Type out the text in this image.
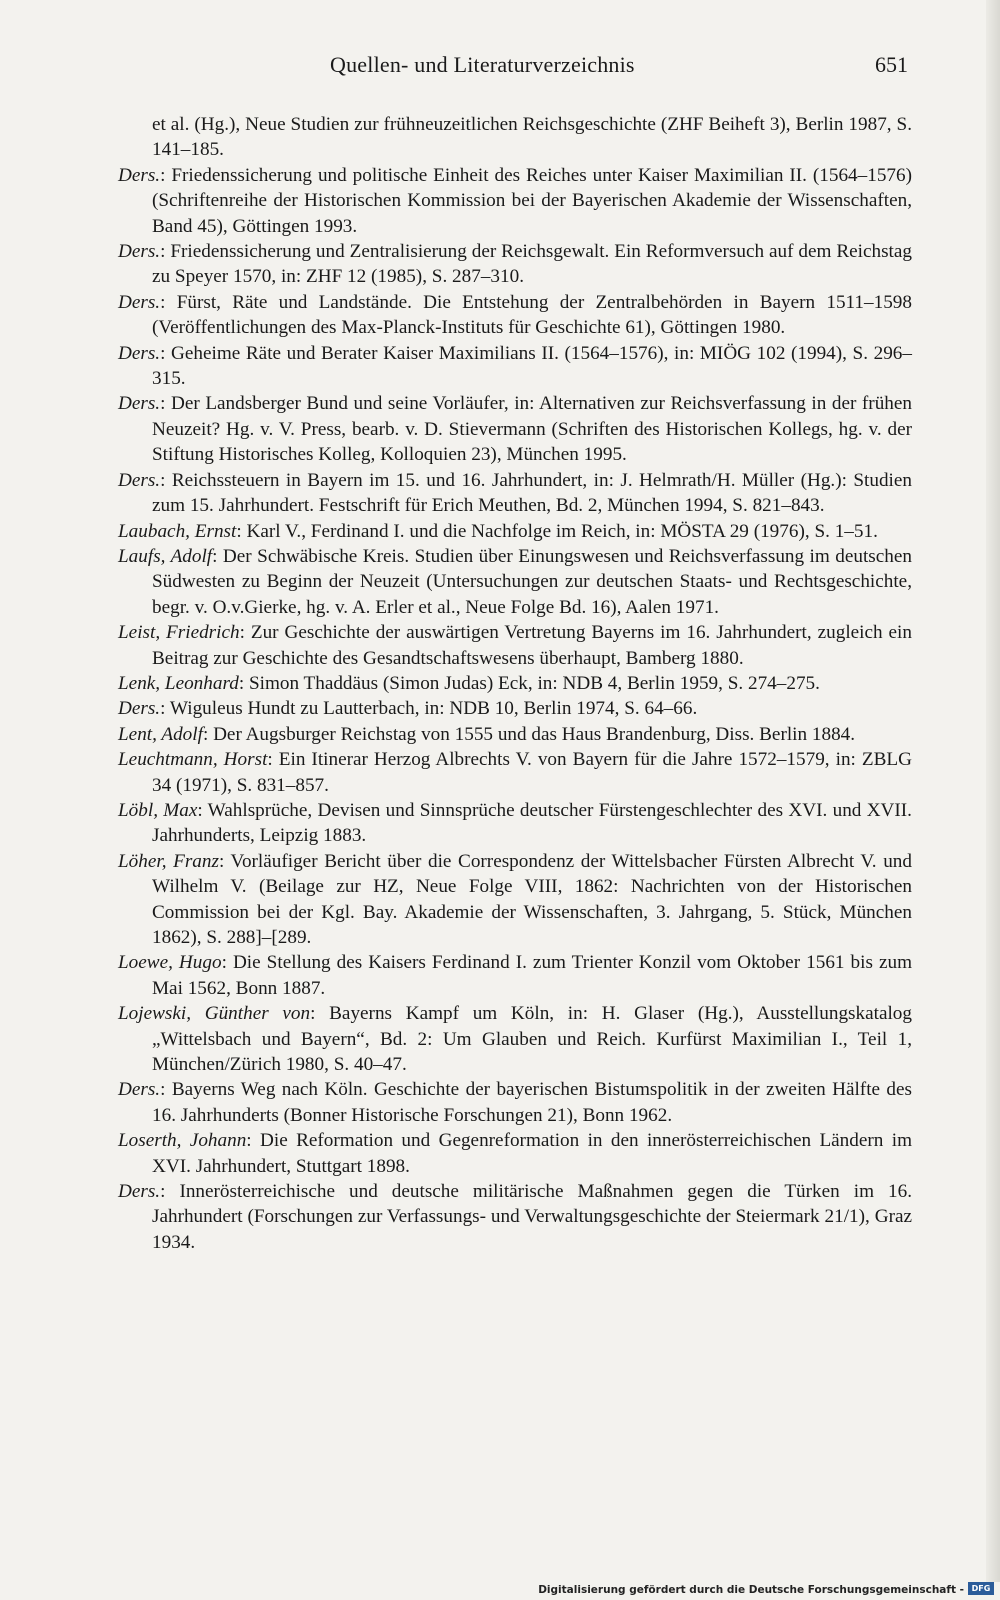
Quellen- und Literaturverzeichnis	651

et al. (Hg.), Neue Studien zur frühneuzeitlichen Reichsgeschichte (ZHF Beiheft 3), Berlin 1987, S. 141–185.

Ders.: Friedenssicherung und politische Einheit des Reiches unter Kaiser Maximilian II. (1564–1576) (Schriftenreihe der Historischen Kommission bei der Bayerischen Akademie der Wissenschaften, Band 45), Göttingen 1993.

Ders.: Friedenssicherung und Zentralisierung der Reichsgewalt. Ein Reformversuch auf dem Reichstag zu Speyer 1570, in: ZHF 12 (1985), S. 287–310.

Ders.: Fürst, Räte und Landstände. Die Entstehung der Zentralbehörden in Bayern 1511–1598 (Veröffentlichungen des Max-Planck-Instituts für Geschichte 61), Göttingen 1980.

Ders.: Geheime Räte und Berater Kaiser Maximilians II. (1564–1576), in: MIÖG 102 (1994), S. 296–315.

Ders.: Der Landsberger Bund und seine Vorläufer, in: Alternativen zur Reichsverfassung in der frühen Neuzeit? Hg. v. V. Press, bearb. v. D. Stievermann (Schriften des Historischen Kollegs, hg. v. der Stiftung Historisches Kolleg, Kolloquien 23), München 1995.

Ders.: Reichssteuern in Bayern im 15. und 16. Jahrhundert, in: J. Helmrath/H. Müller (Hg.): Studien zum 15. Jahrhundert. Festschrift für Erich Meuthen, Bd. 2, München 1994, S. 821–843.

Laubach, Ernst: Karl V., Ferdinand I. und die Nachfolge im Reich, in: MÖSTA 29 (1976), S. 1–51.

Laufs, Adolf: Der Schwäbische Kreis. Studien über Einungswesen und Reichsverfassung im deutschen Südwesten zu Beginn der Neuzeit (Untersuchungen zur deutschen Staats- und Rechtsgeschichte, begr. v. O.v.Gierke, hg. v. A. Erler et al., Neue Folge Bd. 16), Aalen 1971.

Leist, Friedrich: Zur Geschichte der auswärtigen Vertretung Bayerns im 16. Jahrhundert, zugleich ein Beitrag zur Geschichte des Gesandtschaftswesens überhaupt, Bamberg 1880.

Lenk, Leonhard: Simon Thaddäus (Simon Judas) Eck, in: NDB 4, Berlin 1959, S. 274–275.

Ders.: Wiguleus Hundt zu Lautterbach, in: NDB 10, Berlin 1974, S. 64–66.

Lent, Adolf: Der Augsburger Reichstag von 1555 und das Haus Brandenburg, Diss. Berlin 1884.

Leuchtmann, Horst: Ein Itinerar Herzog Albrechts V. von Bayern für die Jahre 1572–1579, in: ZBLG 34 (1971), S. 831–857.

Löbl, Max: Wahlsprüche, Devisen und Sinnsprüche deutscher Fürstengeschlechter des XVI. und XVII. Jahrhunderts, Leipzig 1883.

Löher, Franz: Vorläufiger Bericht über die Correspondenz der Wittelsbacher Fürsten Albrecht V. und Wilhelm V. (Beilage zur HZ, Neue Folge VIII, 1862: Nachrichten von der Historischen Commission bei der Kgl. Bay. Akademie der Wissenschaften, 3. Jahrgang, 5. Stück, München 1862), S. 288]–[289.

Loewe, Hugo: Die Stellung des Kaisers Ferdinand I. zum Trienter Konzil vom Oktober 1561 bis zum Mai 1562, Bonn 1887.

Lojewski, Günther von: Bayerns Kampf um Köln, in: H. Glaser (Hg.), Ausstellungskatalog „Wittelsbach und Bayern“, Bd. 2: Um Glauben und Reich. Kurfürst Maximilian I., Teil 1, München/Zürich 1980, S. 40–47.

Ders.: Bayerns Weg nach Köln. Geschichte der bayerischen Bistumspolitik in der zweiten Hälfte des 16. Jahrhunderts (Bonner Historische Forschungen 21), Bonn 1962.

Loserth, Johann: Die Reformation und Gegenreformation in den innerösterreichischen Ländern im XVI. Jahrhundert, Stuttgart 1898.

Ders.: Innerösterreichische und deutsche militärische Maßnahmen gegen die Türken im 16. Jahrhundert (Forschungen zur Verfassungs- und Verwaltungsgeschichte der Steiermark 21/1), Graz 1934.

Digitalisierung gefördert durch die Deutsche Forschungsgemeinschaft - DFG
